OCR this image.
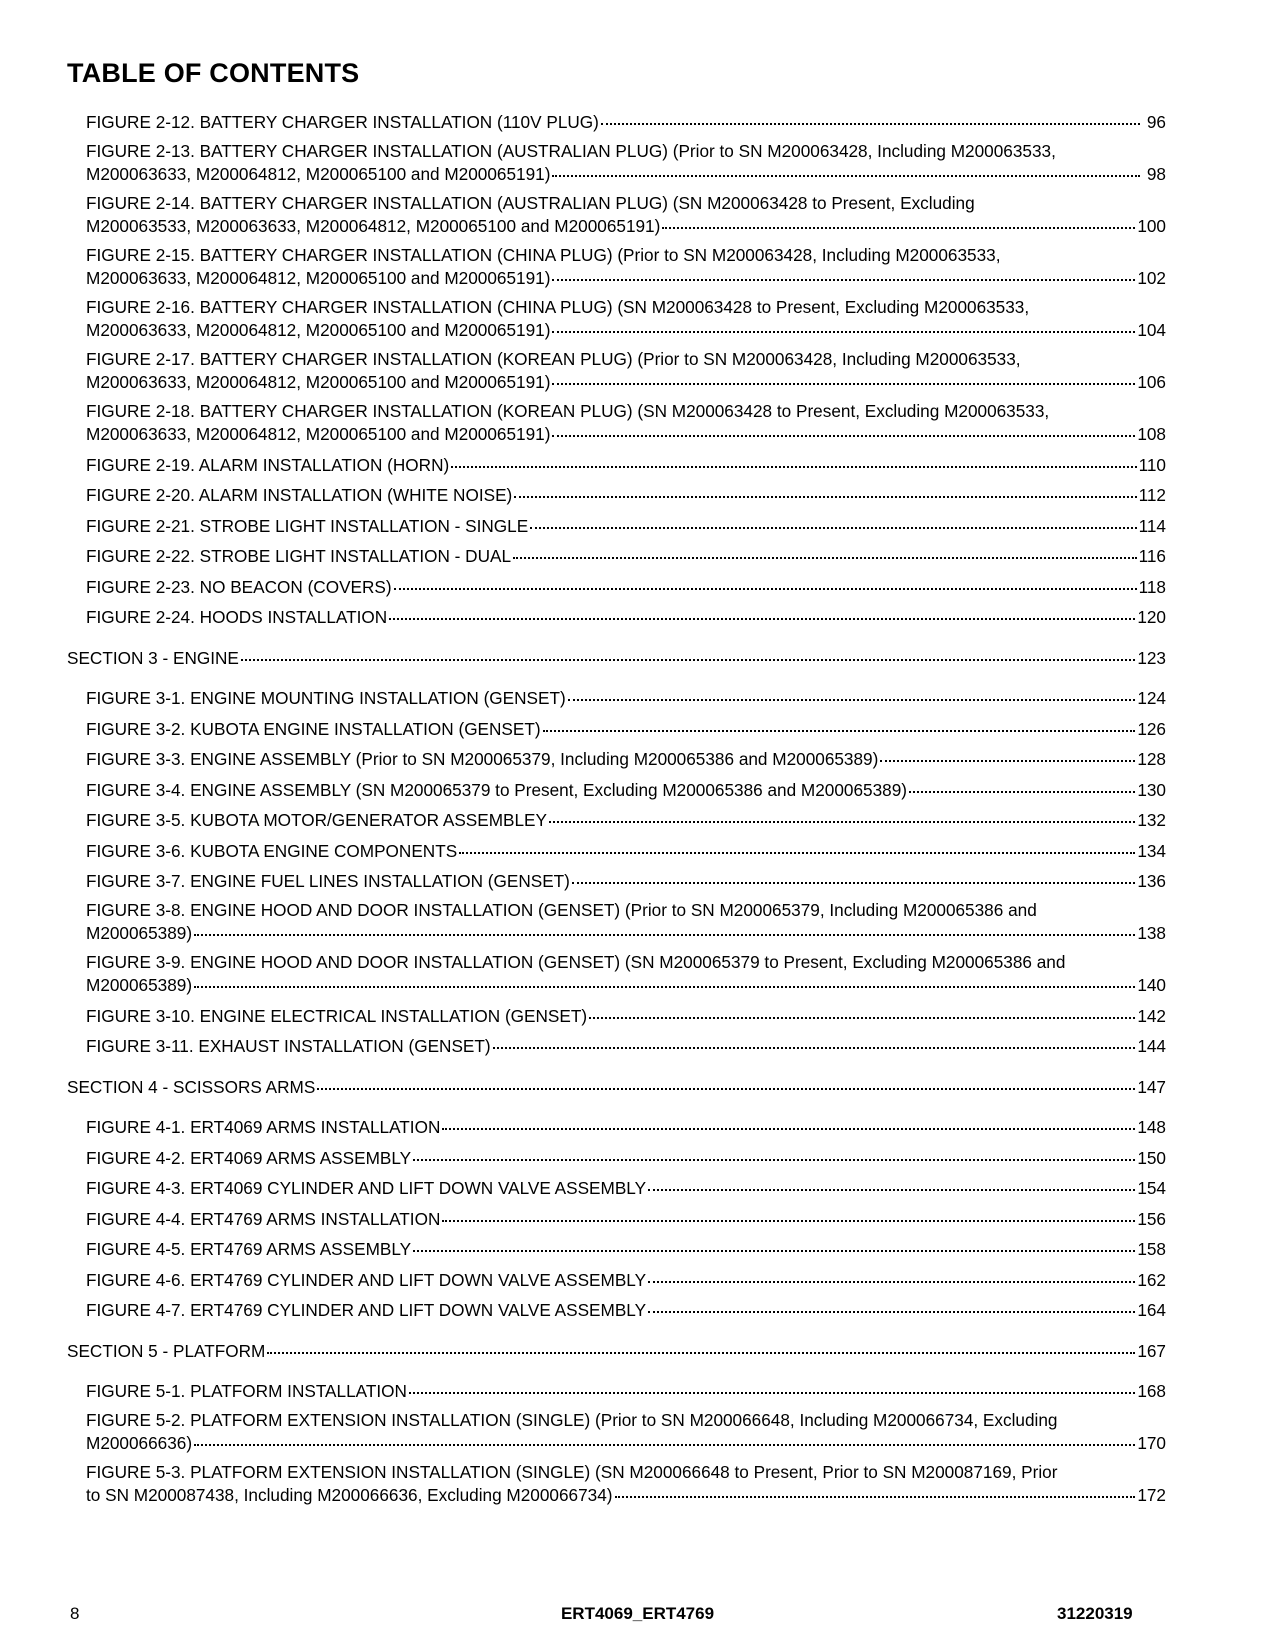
TABLE OF CONTENTS
FIGURE 2-12. BATTERY CHARGER INSTALLATION (110V PLUG)	96
FIGURE 2-13. BATTERY CHARGER INSTALLATION (AUSTRALIAN PLUG) (Prior to SN M200063428, Including M200063533,
M200063633, M200064812, M200065100 and M200065191)	98
FIGURE 2-14. BATTERY CHARGER INSTALLATION (AUSTRALIAN PLUG) (SN M200063428 to Present, Excluding
M200063533, M200063633, M200064812, M200065100 and M200065191)	100
FIGURE 2-15. BATTERY CHARGER INSTALLATION (CHINA PLUG) (Prior to SN M200063428, Including M200063533,
M200063633, M200064812, M200065100 and M200065191)	102
FIGURE 2-16. BATTERY CHARGER INSTALLATION (CHINA PLUG) (SN M200063428 to Present, Excluding M200063533,
M200063633, M200064812, M200065100 and M200065191)	104
FIGURE 2-17. BATTERY CHARGER INSTALLATION (KOREAN PLUG) (Prior to SN M200063428, Including M200063533,
M200063633, M200064812, M200065100 and M200065191)	106
FIGURE 2-18. BATTERY CHARGER INSTALLATION (KOREAN PLUG) (SN M200063428 to Present, Excluding M200063533,
M200063633, M200064812, M200065100 and M200065191)	108
FIGURE 2-19. ALARM INSTALLATION (HORN)	110
FIGURE 2-20. ALARM INSTALLATION (WHITE NOISE)	112
FIGURE 2-21. STROBE LIGHT INSTALLATION - SINGLE	114
FIGURE 2-22. STROBE LIGHT INSTALLATION - DUAL	116
FIGURE 2-23. NO BEACON (COVERS)	118
FIGURE 2-24. HOODS INSTALLATION	120
SECTION 3 - ENGINE	123
FIGURE 3-1. ENGINE MOUNTING INSTALLATION (GENSET)	124
FIGURE 3-2. KUBOTA ENGINE INSTALLATION (GENSET)	126
FIGURE 3-3. ENGINE ASSEMBLY (Prior to SN M200065379, Including M200065386 and M200065389)	128
FIGURE 3-4. ENGINE ASSEMBLY (SN M200065379 to Present, Excluding M200065386 and M200065389)	130
FIGURE 3-5. KUBOTA MOTOR/GENERATOR ASSEMBLEY	132
FIGURE 3-6. KUBOTA ENGINE COMPONENTS	134
FIGURE 3-7. ENGINE FUEL LINES INSTALLATION (GENSET)	136
FIGURE 3-8. ENGINE HOOD AND DOOR INSTALLATION (GENSET) (Prior to SN M200065379, Including M200065386 and
M200065389)	138
FIGURE 3-9. ENGINE HOOD AND DOOR INSTALLATION (GENSET) (SN M200065379 to Present, Excluding M200065386 and
M200065389)	140
FIGURE 3-10. ENGINE ELECTRICAL INSTALLATION (GENSET)	142
FIGURE 3-11. EXHAUST INSTALLATION (GENSET)	144
SECTION 4 - SCISSORS ARMS	147
FIGURE 4-1. ERT4069 ARMS INSTALLATION	148
FIGURE 4-2. ERT4069 ARMS ASSEMBLY	150
FIGURE 4-3. ERT4069 CYLINDER AND LIFT DOWN VALVE ASSEMBLY	154
FIGURE 4-4. ERT4769 ARMS INSTALLATION	156
FIGURE 4-5. ERT4769 ARMS ASSEMBLY	158
FIGURE 4-6. ERT4769 CYLINDER AND LIFT DOWN VALVE ASSEMBLY	162
FIGURE 4-7. ERT4769 CYLINDER AND LIFT DOWN VALVE ASSEMBLY	164
SECTION 5 - PLATFORM	167
FIGURE 5-1. PLATFORM INSTALLATION	168
FIGURE 5-2. PLATFORM EXTENSION INSTALLATION (SINGLE) (Prior to SN M200066648, Including M200066734, Excluding
M200066636)	170
FIGURE 5-3. PLATFORM EXTENSION INSTALLATION (SINGLE) (SN M200066648 to Present, Prior to SN M200087169, Prior
to SN M200087438, Including M200066636, Excluding M200066734)	172
8	ERT4069_ERT4769	31220319
